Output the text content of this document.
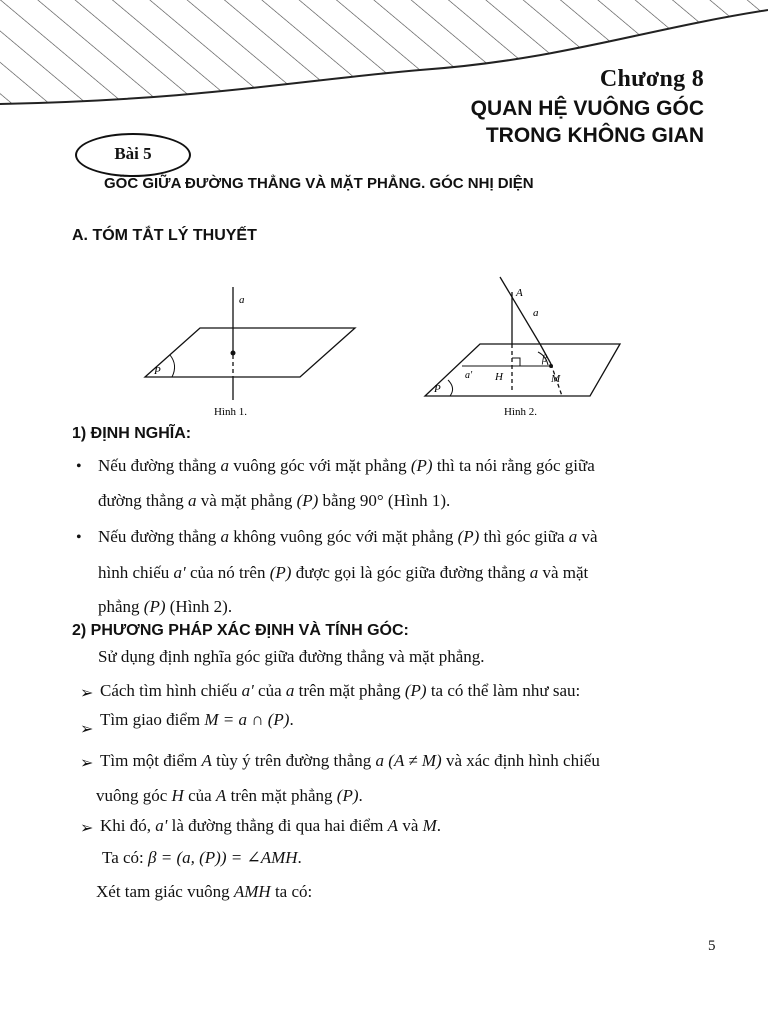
Chương 8
QUAN HỆ VUÔNG GÓC
TRONG KHÔNG GIAN
Bài 5
GÓC GIỮA ĐƯỜNG THẲNG VÀ MẶT PHẲNG. GÓC NHỊ DIỆN
A. TÓM TẮT LÝ THUYẾT
a
P
Hình 1.
A
a
β
a' H	M
P
Hình 2.
1) ĐỊNH NGHĨA:
• Nếu đường thẳng a vuông góc với mặt phẳng (P) thì ta nói rằng góc giữa
đường thẳng a và mặt phẳng (P) bằng 90° (Hình 1).
• Nếu đường thẳng a không vuông góc với mặt phẳng (P) thì góc giữa a và
hình chiếu a' của nó trên (P) được gọi là góc giữa đường thẳng a và mặt
phẳng (P) (Hình 2).
2) PHƯƠNG PHÁP XÁC ĐỊNH VÀ TÍNH GÓC:
Sử dụng định nghĩa góc giữa đường thẳng và mặt phẳng.
➢ Cách tìm hình chiếu a' của a trên mặt phẳng (P) ta có thể làm như sau:
➢
Tìm giao điểm M = a ∩ (P).
➢ Tìm một điểm A tùy ý trên đường thẳng a (A ≠ M) và xác định hình chiếu
vuông góc H của A trên mặt phẳng (P).
➢ Khi đó, a' là đường thẳng đi qua hai điểm A và M.
Ta có: β = (a, (P)) = ∠AMH.
Xét tam giác vuông AMH ta có:
5
